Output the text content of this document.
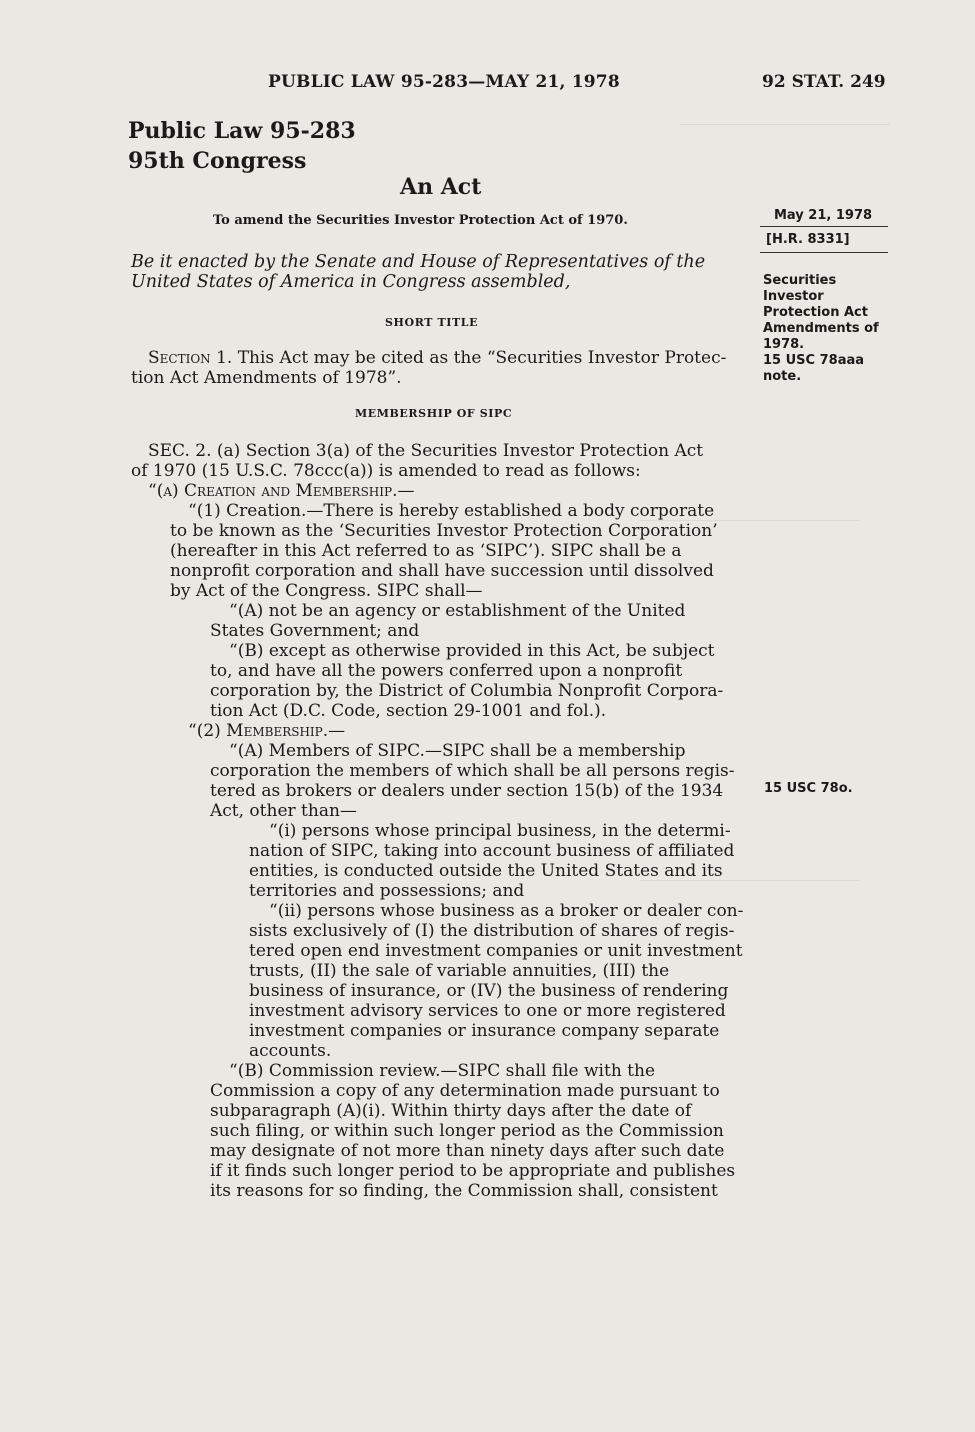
PUBLIC LAW 95-283—MAY 21, 1978	92 STAT. 249
Public Law 95-283
95th Congress
An Act
To amend the Securities Investor Protection Act of 1970.	May 21, 1978
[H.R. 8331]
Securities
Investor
Protection Act
Amendments of
1978.
15 USC 78aaa
note.
15 USC 78o.
Be it enacted by the Senate and House of Representatives of the
United States of America in Congress assembled,
SHORT TITLE
Section 1. This Act may be cited as the “Securities Investor Protec-
tion Act Amendments of 1978”.
MEMBERSHIP OF SIPC
SEC. 2. (a) Section 3(a) of the Securities Investor Protection Act
of 1970 (15 U.S.C. 78ccc(a)) is amended to read as follows:
“(a) Creation and Membership.—
“(1) Creation.—There is hereby established a body corporate
to be known as the ‘Securities Investor Protection Corporation’
(hereafter in this Act referred to as ‘SIPC’). SIPC shall be a
nonprofit corporation and shall have succession until dissolved
by Act of the Congress. SIPC shall—
“(A) not be an agency or establishment of the United
States Government; and
“(B) except as otherwise provided in this Act, be subject
to, and have all the powers conferred upon a nonprofit
corporation by, the District of Columbia Nonprofit Corpora-
tion Act (D.C. Code, section 29-1001 and fol.).
“(2) Membership.—
“(A) Members of SIPC.—SIPC shall be a membership
corporation the members of which shall be all persons regis-
tered as brokers or dealers under section 15(b) of the 1934
Act, other than—
“(i) persons whose principal business, in the determi-
nation of SIPC, taking into account business of affiliated
entities, is conducted outside the United States and its
territories and possessions; and
“(ii) persons whose business as a broker or dealer con-
sists exclusively of (I) the distribution of shares of regis-
tered open end investment companies or unit investment
trusts, (II) the sale of variable annuities, (III) the
business of insurance, or (IV) the business of rendering
investment advisory services to one or more registered
investment companies or insurance company separate
accounts.
“(B) Commission review.—SIPC shall file with the
Commission a copy of any determination made pursuant to
subparagraph (A)(i). Within thirty days after the date of
such filing, or within such longer period as the Commission
may designate of not more than ninety days after such date
if it finds such longer period to be appropriate and publishes
its reasons for so finding, the Commission shall, consistent
